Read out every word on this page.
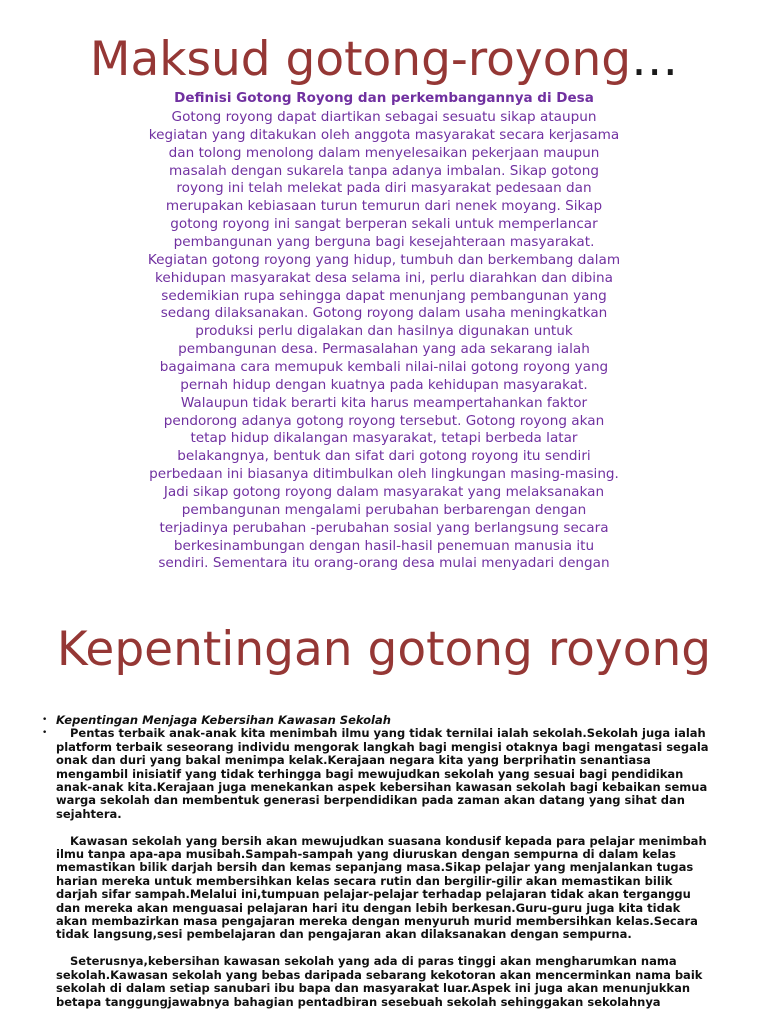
Maksud gotong-royong…
Definisi Gotong Royong dan perkembangannya di Desa
Gotong royong dapat diartikan sebagai sesuatu sikap ataupun
kegiatan yang ditakukan oleh anggota masyarakat secara kerjasama
dan tolong menolong dalam menyelesaikan pekerjaan maupun
masalah dengan sukarela tanpa adanya imbalan. Sikap gotong
royong ini telah melekat pada diri masyarakat pedesaan dan
merupakan kebiasaan turun temurun dari nenek moyang. Sikap
gotong royong ini sangat berperan sekali untuk memperlancar
pembangunan yang berguna bagi kesejahteraan masyarakat.
Kegiatan gotong royong yang hidup, tumbuh dan berkembang dalam
kehidupan masyarakat desa selama ini, perlu diarahkan dan dibina
sedemikian rupa sehingga dapat menunjang pembangunan yang
sedang dilaksanakan. Gotong royong dalam usaha meningkatkan
produksi perlu digalakan dan hasilnya digunakan untuk
pembangunan desa. Permasalahan yang ada sekarang ialah
bagaimana cara memupuk kembali nilai-nilai gotong royong yang
pernah hidup dengan kuatnya pada kehidupan masyarakat.
Walaupun tidak berarti kita harus meampertahankan faktor
pendorong adanya gotong royong tersebut. Gotong royong akan
tetap hidup dikalangan masyarakat, tetapi berbeda latar
belakangnya, bentuk dan sifat dari gotong royong itu sendiri
perbedaan ini biasanya ditimbulkan oleh lingkungan masing-masing.
Jadi sikap gotong royong dalam masyarakat yang melaksanakan
pembangunan mengalami perubahan berbarengan dengan
terjadinya perubahan -perubahan sosial yang berlangsung secara
berkesinambungan dengan hasil-hasil penemuan manusia itu
sendiri. Sementara itu orang-orang desa mulai menyadari dengan
Kepentingan gotong royong
• Kepentingan Menjaga Kebersihan Kawasan Sekolah
•	Pentas terbaik anak-anak kita menimbah ilmu yang tidak ternilai ialah sekolah.Sekolah juga ialah
platform terbaik seseorang individu mengorak langkah bagi mengisi otaknya bagi mengatasi segala
onak dan duri yang bakal menimpa kelak.Kerajaan negara kita yang berprihatin senantiasa
mengambil inisiatif yang tidak terhingga bagi mewujudkan sekolah yang sesuai bagi pendidikan
anak-anak kita.Kerajaan juga menekankan aspek kebersihan kawasan sekolah bagi kebaikan semua
warga sekolah dan membentuk generasi berpendidikan pada zaman akan datang yang sihat dan
sejahtera.
Kawasan sekolah yang bersih akan mewujudkan suasana kondusif kepada para pelajar menimbah
ilmu tanpa apa-apa musibah.Sampah-sampah yang diuruskan dengan sempurna di dalam kelas
memastikan bilik darjah bersih dan kemas sepanjang masa.Sikap pelajar yang menjalankan tugas
harian mereka untuk membersihkan kelas secara rutin dan bergilir-gilir akan memastikan bilik
darjah sifar sampah.Melalui ini,tumpuan pelajar-pelajar terhadap pelajaran tidak akan terganggu
dan mereka akan menguasai pelajaran hari itu dengan lebih berkesan.Guru-guru juga kita tidak
akan membazirkan masa pengajaran mereka dengan menyuruh murid membersihkan kelas.Secara
tidak langsung,sesi pembelajaran dan pengajaran akan dilaksanakan dengan sempurna.
Seterusnya,kebersihan kawasan sekolah yang ada di paras tinggi akan mengharumkan nama
sekolah.Kawasan sekolah yang bebas daripada sebarang kekotoran akan mencerminkan nama baik
sekolah di dalam setiap sanubari ibu bapa dan masyarakat luar.Aspek ini juga akan menunjukkan
betapa tanggungjawabnya bahagian pentadbiran sesebuah sekolah sehinggakan sekolahnya
